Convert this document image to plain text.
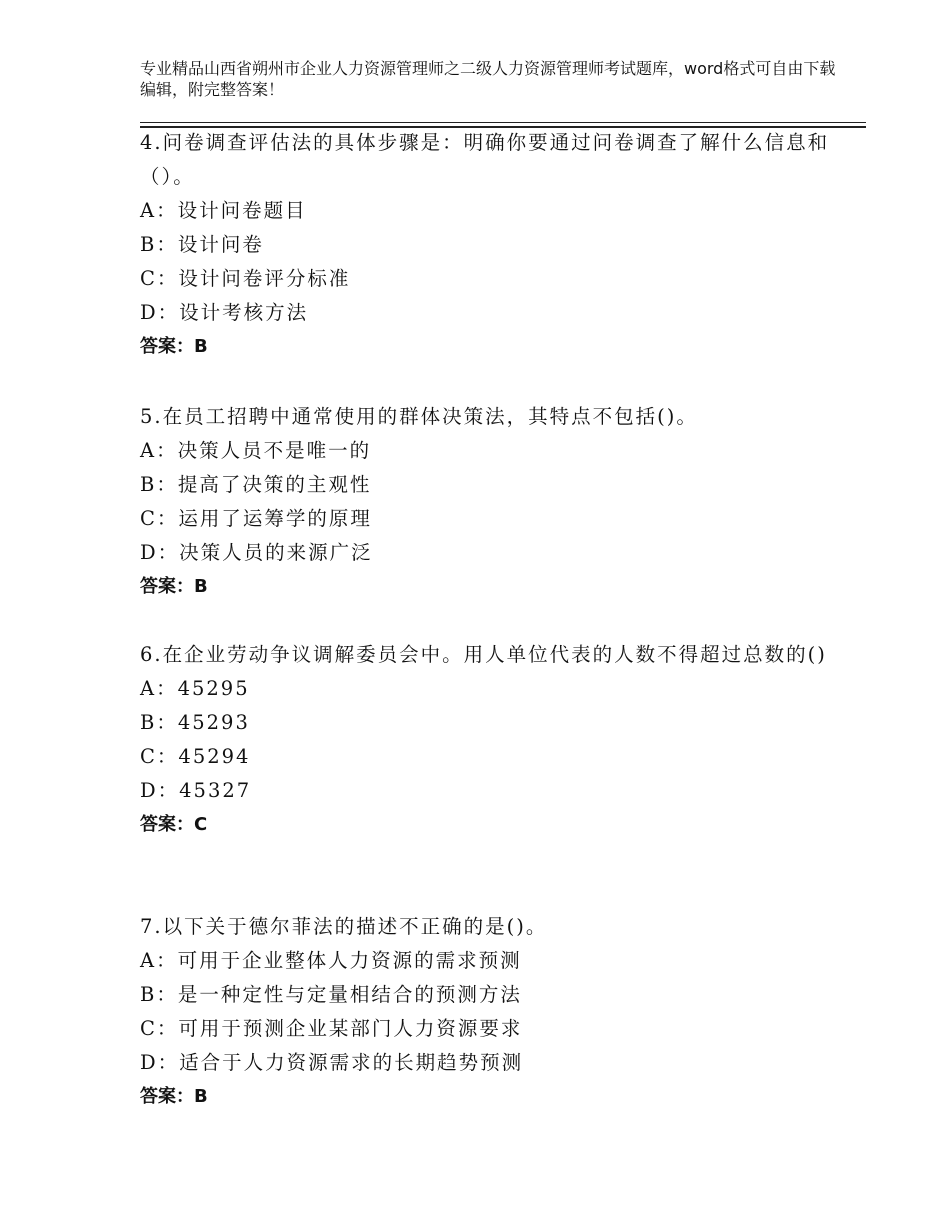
专业精品山西省朔州市企业人力资源管理师之二级人力资源管理师考试题库，word格式可自由下载编辑，附完整答案！

4.问卷调查评估法的具体步骤是：明确你要通过问卷调查了解什么信息和（）。

A：设计问卷题目

B：设计问卷

C：设计问卷评分标准

D：设计考核方法

答案：B

5.在员工招聘中通常使用的群体决策法，其特点不包括()。

A：决策人员不是唯一的

B：提高了决策的主观性

C：运用了运筹学的原理

D：决策人员的来源广泛

答案：B

6.在企业劳动争议调解委员会中。用人单位代表的人数不得超过总数的()

A：45295

B：45293

C：45294

D：45327

答案：C

7.以下关于德尔菲法的描述不正确的是()。

A：可用于企业整体人力资源的需求预测

B：是一种定性与定量相结合的预测方法

C：可用于预测企业某部门人力资源要求

D：适合于人力资源需求的长期趋势预测

答案：B
